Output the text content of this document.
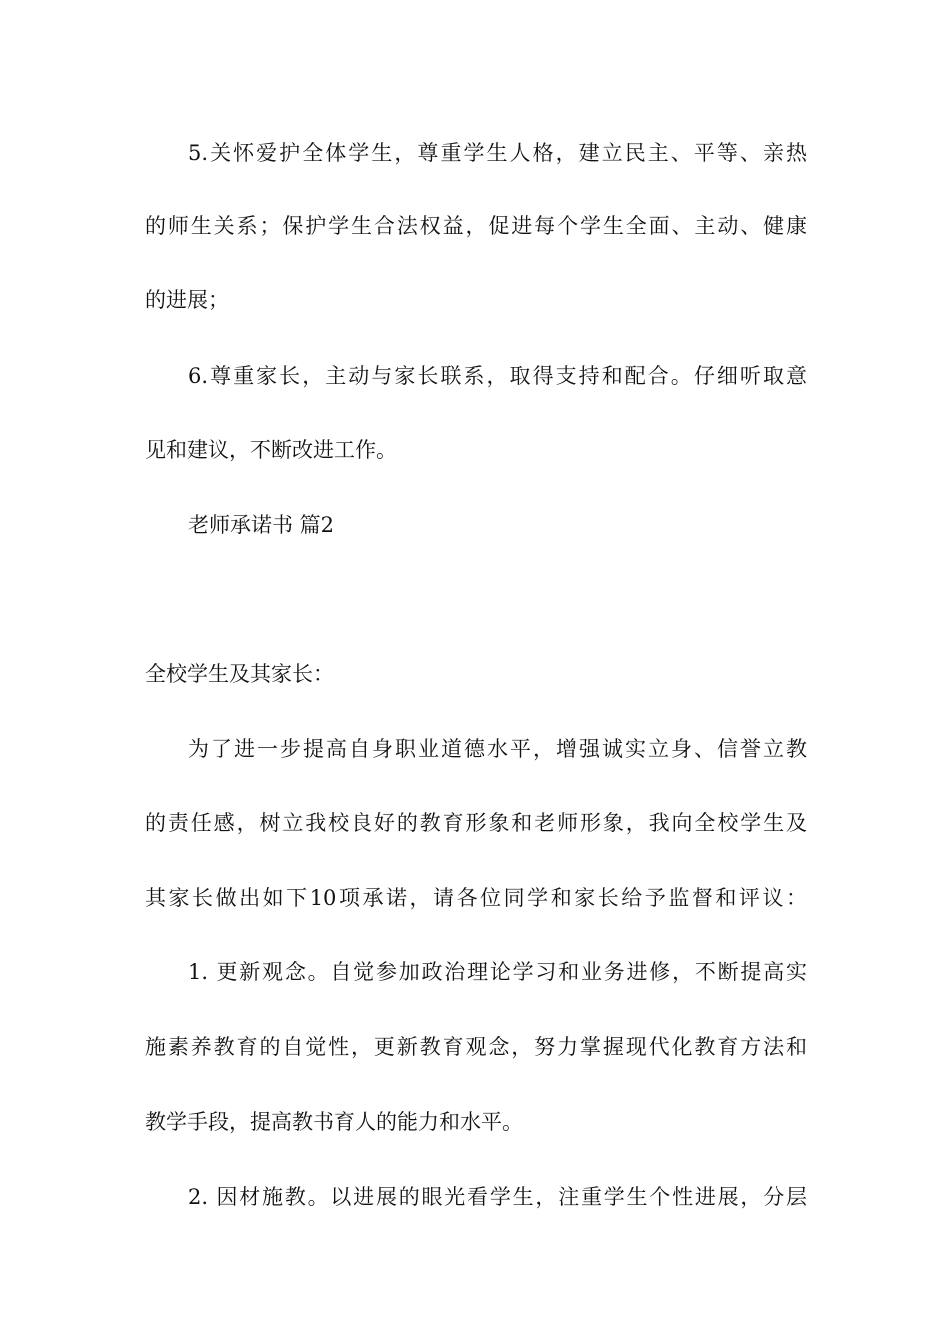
5.关怀爱护全体学生，尊重学生人格，建立民主、平等、亲热
的师生关系；保护学生合法权益，促进每个学生全面、主动、健康
的进展；
6.尊重家长，主动与家长联系，取得支持和配合。仔细听取意
见和建议，不断改进工作。
老师承诺书 篇2
全校学生及其家长：
为了进一步提高自身职业道德水平，增强诚实立身、信誉立教
的责任感，树立我校良好的教育形象和老师形象，我向全校学生及
其家长做出如下10项承诺，请各位同学和家长给予监督和评议：
1. 更新观念。自觉参加政治理论学习和业务进修，不断提高实
施素养教育的自觉性，更新教育观念，努力掌握现代化教育方法和
教学手段，提高教书育人的能力和水平。
2. 因材施教。以进展的眼光看学生，注重学生个性进展，分层
